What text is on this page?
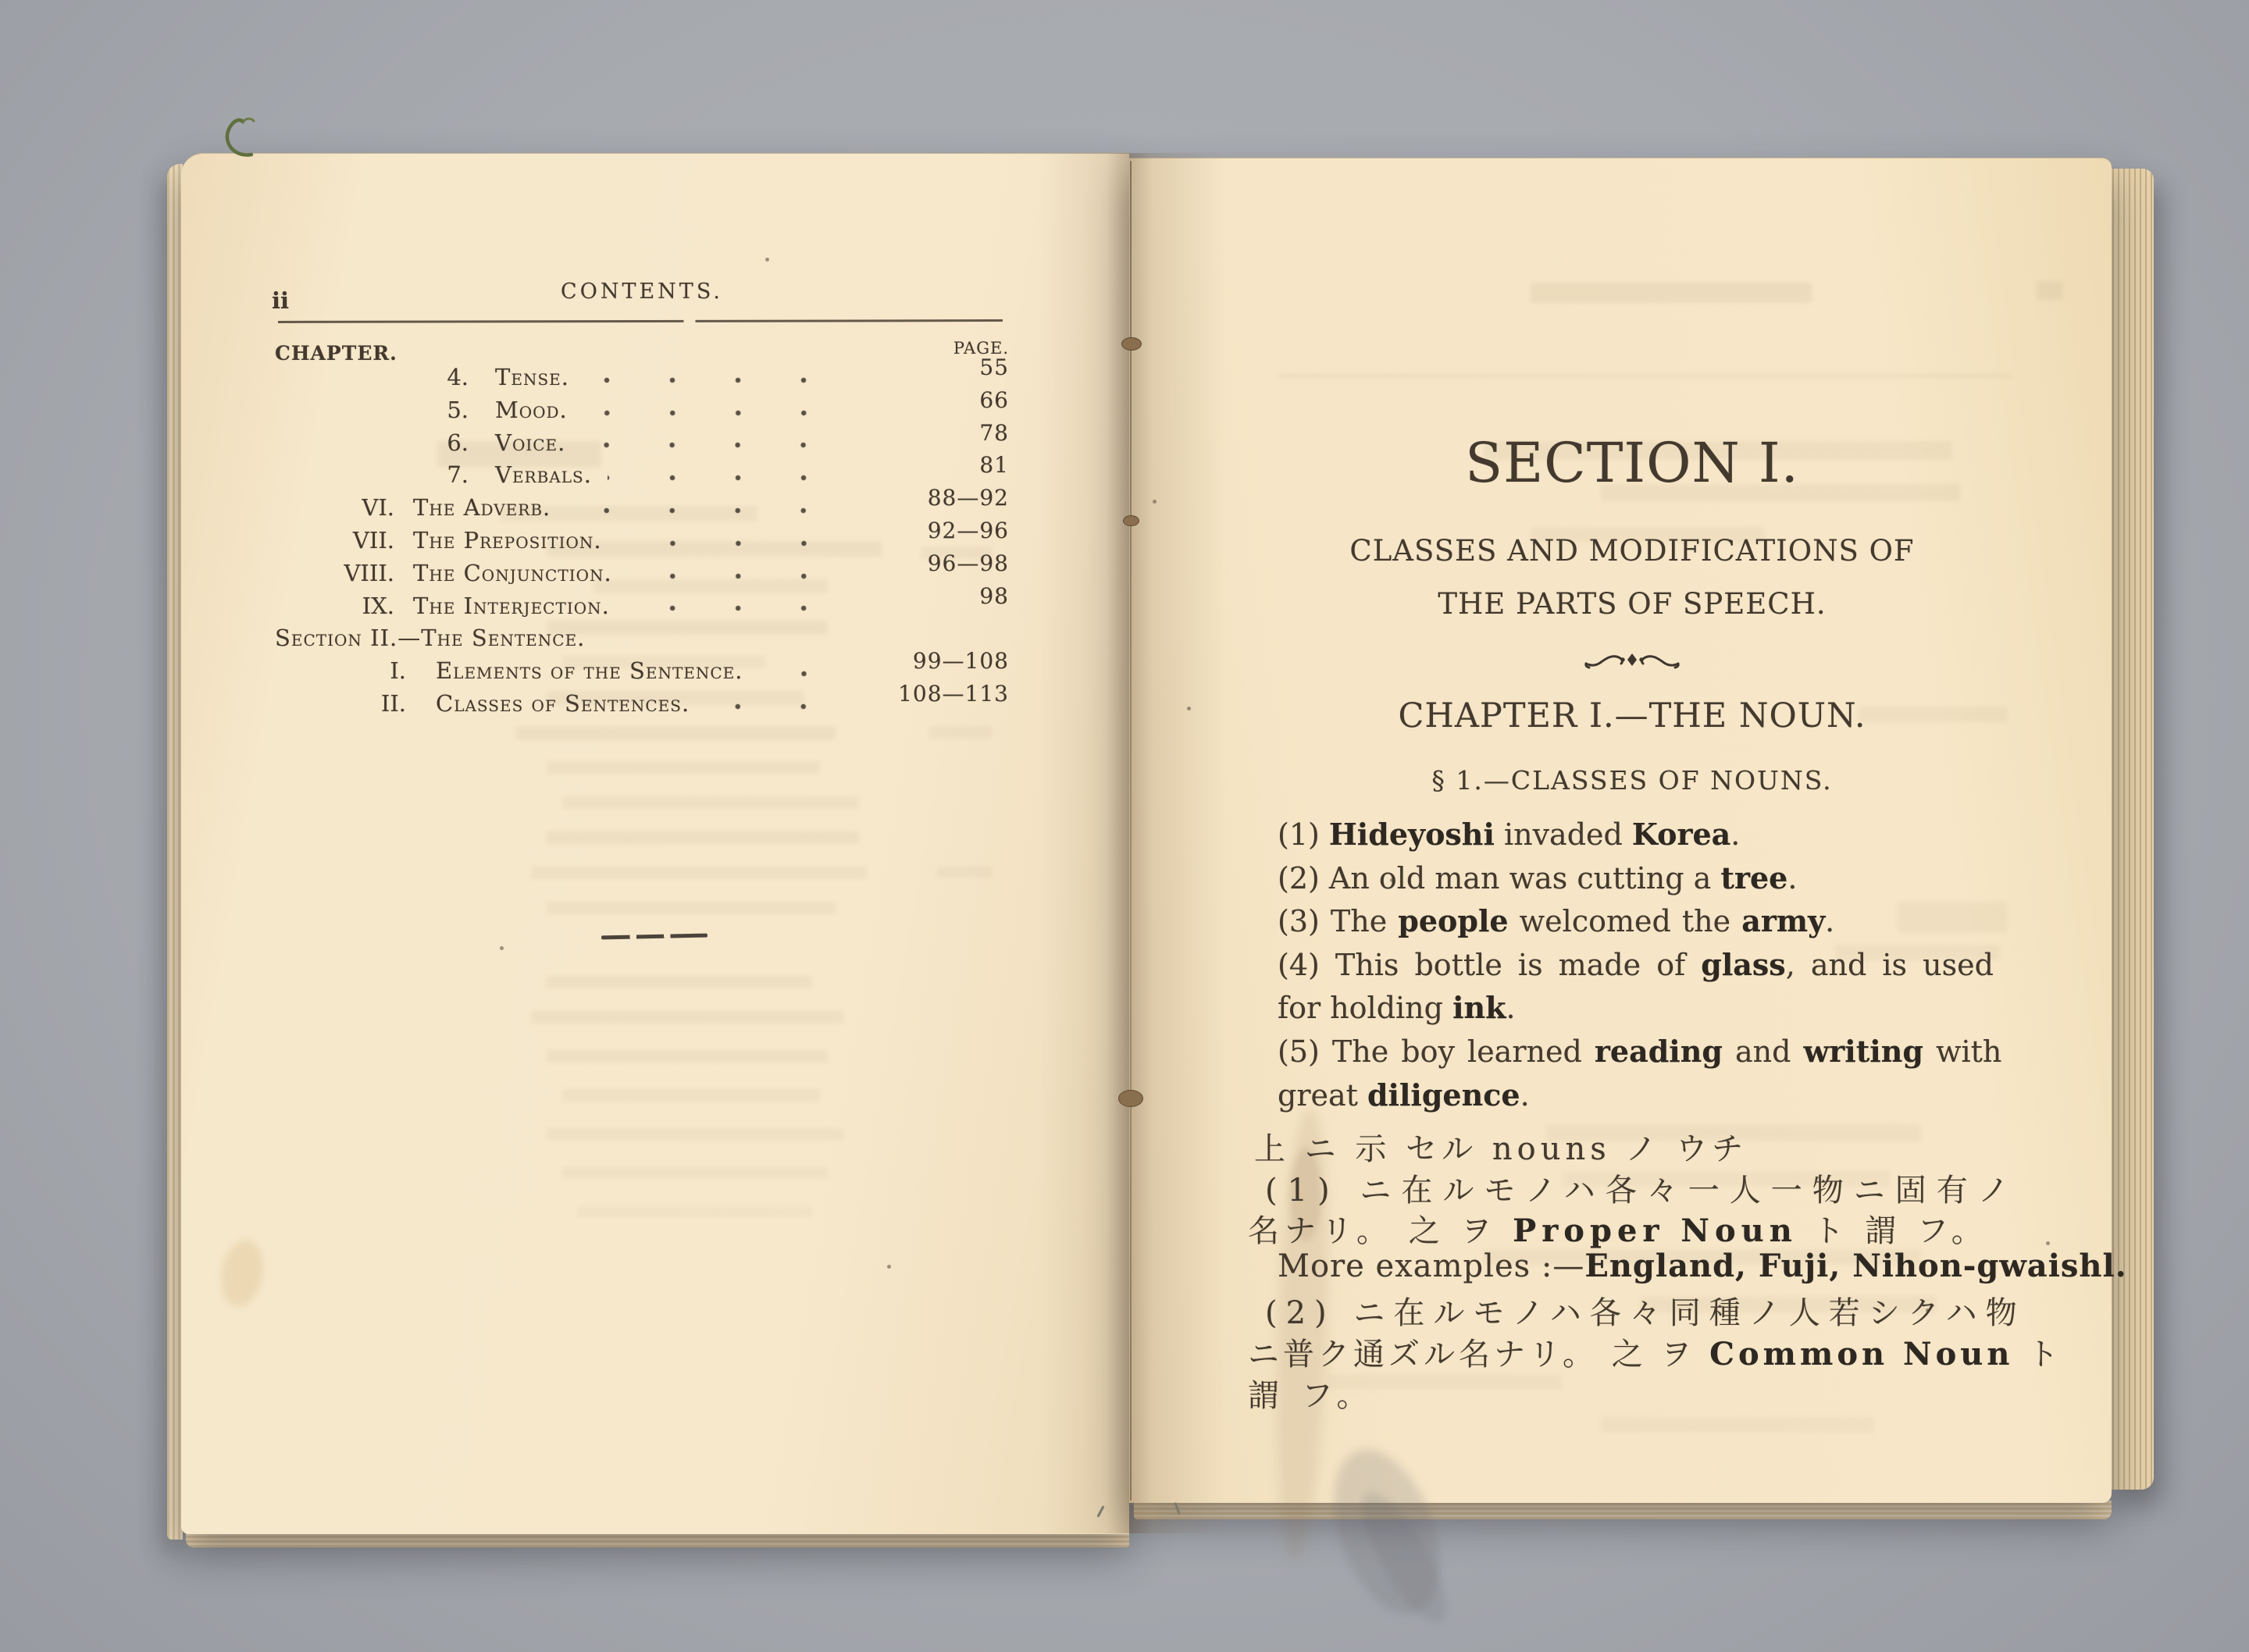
ii	CONTENTS.
CHAPTER.	PAGE.
4. Tense.	55
5. Mood.	66
6. Voice.	78
7. Verbals.	81
VI. The Adverb.	88—92
VII. The Preposition.	92—96
VIII. The Conjunction.	96—98
IX. The Interjection.	98
Section II.—The Sentence.
I. Elements of the Sentence.	99—108
II. Classes of Sentences.	108—113
SECTION I.
CLASSES AND MODIFICATIONS OF
THE PARTS OF SPEECH.
CHAPTER I.—THE NOUN.
§ 1.—CLASSES OF NOUNS.
(1) Hideyoshi invaded Korea.
(2) An old man was cutting a tree.
(3) The people welcomed the army.
(4) This bottle is made of glass, and is used
for holding ink.
(5) The boy learned reading and writing with
great diligence.
上 ニ 示 セル nouns ノ ウチ
(1) ニ在ルモノハ各々一人一物ニ固有ノ
名ナリ。 之 ヲ Proper Noun ト 謂 フ。
More examples :—England, Fuji, Nihon-gwaishl.
(2) ニ在ルモノハ各々同種ノ人若シクハ物
ニ普ク通ズル名ナリ。 之 ヲ Common Noun ト
謂 フ。
